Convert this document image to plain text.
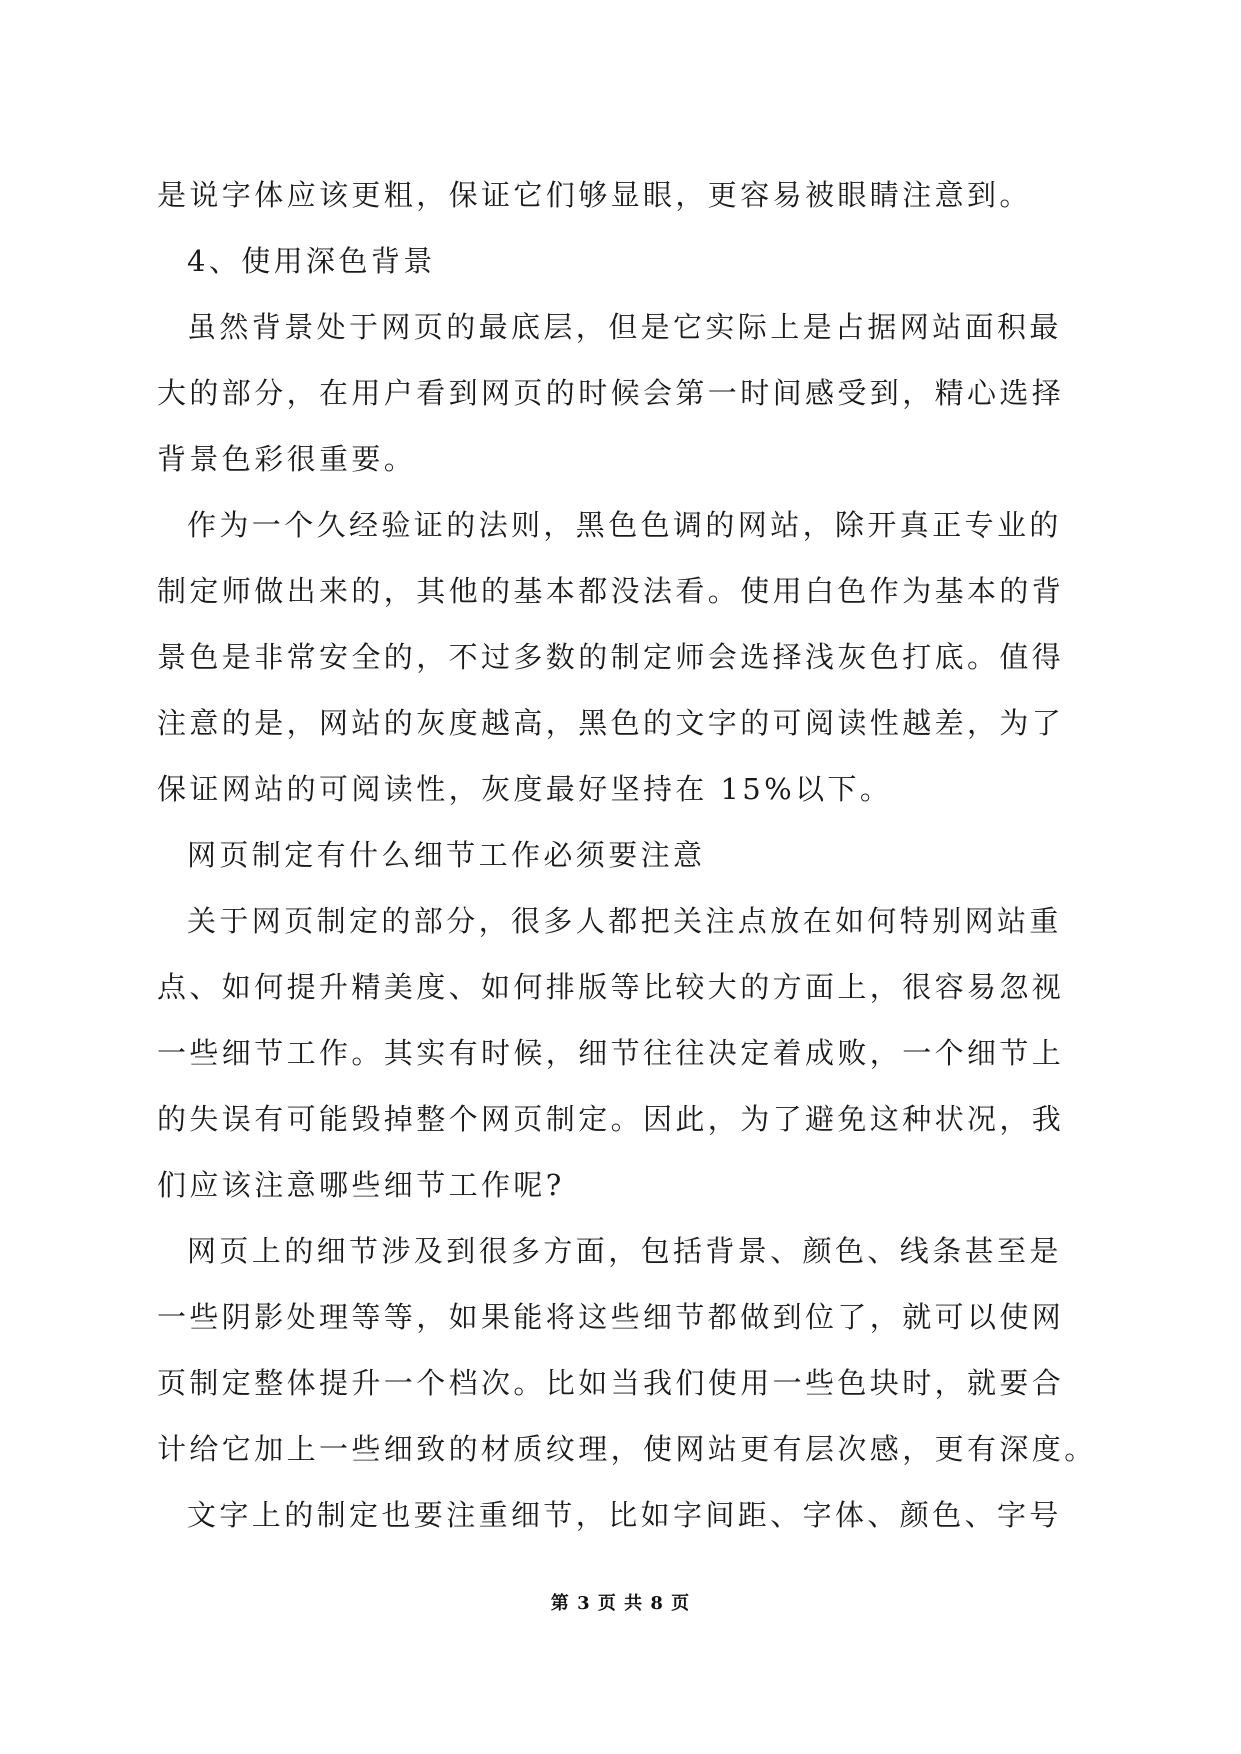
是说字体应该更粗，保证它们够显眼，更容易被眼睛注意到。
4、使用深色背景
虽然背景处于网页的最底层，但是它实际上是占据网站面积最
大的部分，在用户看到网页的时候会第一时间感受到，精心选择
背景色彩很重要。
作为一个久经验证的法则，黑色色调的网站，除开真正专业的
制定师做出来的，其他的基本都没法看。使用白色作为基本的背
景色是非常安全的，不过多数的制定师会选择浅灰色打底。值得
注意的是，网站的灰度越高，黑色的文字的可阅读性越差，为了
保证网站的可阅读性，灰度最好坚持在 15%以下。
网页制定有什么细节工作必须要注意
关于网页制定的部分，很多人都把关注点放在如何特别网站重
点、如何提升精美度、如何排版等比较大的方面上，很容易忽视
一些细节工作。其实有时候，细节往往决定着成败，一个细节上
的失误有可能毁掉整个网页制定。因此，为了避免这种状况，我
们应该注意哪些细节工作呢?
网页上的细节涉及到很多方面，包括背景、颜色、线条甚至是
一些阴影处理等等，如果能将这些细节都做到位了，就可以使网
页制定整体提升一个档次。比如当我们使用一些色块时，就要合
计给它加上一些细致的材质纹理，使网站更有层次感，更有深度。
文字上的制定也要注重细节，比如字间距、字体、颜色、字号
第 3 页 共 8 页
